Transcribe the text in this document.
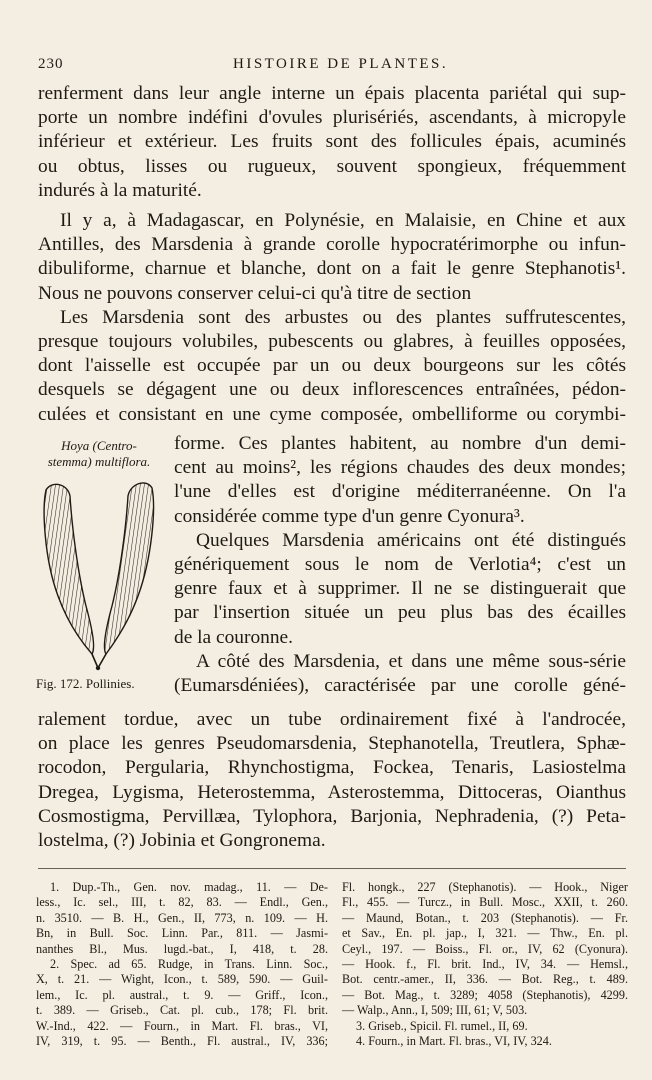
230	HISTOIRE DE PLANTES.
renferment dans leur angle interne un épais placenta pariétal qui sup-
porte un nombre indéfini d'ovules plurisériés, ascendants, à micropyle
inférieur et extérieur. Les fruits sont des follicules épais, acuminés
ou obtus, lisses ou rugueux, souvent spongieux, fréquemment
indurés à la maturité.
Il y a, à Madagascar, en Polynésie, en Malaisie, en Chine et aux
Antilles, des Marsdenia à grande corolle hypocratérimorphe ou infun-
dibuliforme, charnue et blanche, dont on a fait le genre Stephanotis¹.
Nous ne pouvons conserver celui-ci qu'à titre de section
Les Marsdenia sont des arbustes ou des plantes suffrutescentes,
presque toujours volubiles, pubescents ou glabres, à feuilles opposées,
dont l'aisselle est occupée par un ou deux bourgeons sur les côtés
desquels se dégagent une ou deux inflorescences entraînées, pédon-
culées et consistant en une cyme composée, ombelliforme ou corymbi-
Hoya (Centro-
stemma) multiflora.
Fig. 172. Pollinies.
forme. Ces plantes habitent, au nombre d'un demi-
cent au moins², les régions chaudes des deux mondes;
l'une d'elles est d'origine méditerranéenne. On l'a
considérée comme type d'un genre Cyonura³.
Quelques Marsdenia américains ont été distingués
génériquement sous le nom de Verlotia⁴; c'est un
genre faux et à supprimer. Il ne se distinguerait que
par l'insertion située un peu plus bas des écailles
de la couronne.
A côté des Marsdenia, et dans une même sous-série
(Eumarsdéniées), caractérisée par une corolle géné-
ralement tordue, avec un tube ordinairement fixé à l'androcée,
on place les genres Pseudomarsdenia, Stephanotella, Treutlera, Sphæ-
rocodon, Pergularia, Rhynchostigma, Fockea, Tenaris, Lasiostelma
Dregea, Lygisma, Heterostemma, Asterostemma, Dittoceras, Oianthus
Cosmostigma, Pervillæa, Tylophora, Barjonia, Nephradenia, (?) Peta-
lostelma, (?) Jobinia et Gongronema.
1. Dup.-Th., Gen. nov. madag., 11. — De-
less., Ic. sel., III, t. 82, 83. — Endl., Gen.,
n. 3510. — B. H., Gen., II, 773, n. 109. — H.
Bn, in Bull. Soc. Linn. Par., 811. — Jasmi-
nanthes Bl., Mus. lugd.-bat., I, 418, t. 28.
2. Spec. ad 65. Rudge, in Trans. Linn. Soc.,
X, t. 21. — Wight, Icon., t. 589, 590. — Guil-
lem., Ic. pl. austral., t. 9. — Griff., Icon.,
t. 389. — Griseb., Cat. pl. cub., 178; Fl. brit.
W.-Ind., 422. — Fourn., in Mart. Fl. bras., VI,
IV, 319, t. 95. — Benth., Fl. austral., IV, 336;
Fl. hongk., 227 (Stephanotis). — Hook., Niger
Fl., 455. — Turcz., in Bull. Mosc., XXII, t. 260.
— Maund, Botan., t. 203 (Stephanotis). — Fr.
et Sav., En. pl. jap., I, 321. — Thw., En. pl.
Ceyl., 197. — Boiss., Fl. or., IV, 62 (Cyonura).
— Hook. f., Fl. brit. Ind., IV, 34. — Hemsl.,
Bot. centr.-amer., II, 336. — Bot. Reg., t. 489.
— Bot. Mag., t. 3289; 4058 (Stephanotis), 4299.
— Walp., Ann., I, 509; III, 61; V, 503.
3. Griseb., Spicil. Fl. rumel., II, 69.
4. Fourn., in Mart. Fl. bras., VI, IV, 324.
